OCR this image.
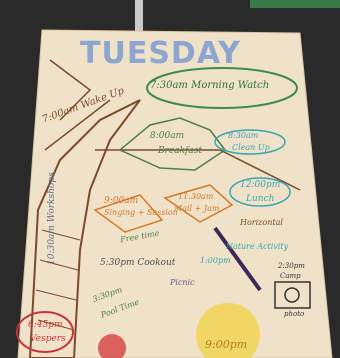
TUESDAY
7:30am Morning Watch
7:00am Wake Up
8:00am
Breakfast
8:30am
Clean Up
12:00pm
Lunch
9:00am
Singing + Session
11:30am
Mail + Jam
Horizontal
Free time
10:30am Workshops	5:30pm Cookout	1:00pm
Nature Activity
2:30pm
Camp
photo
Picnic
3:30pm
Pool Time
6:45pm
Vespers	9:00pm
